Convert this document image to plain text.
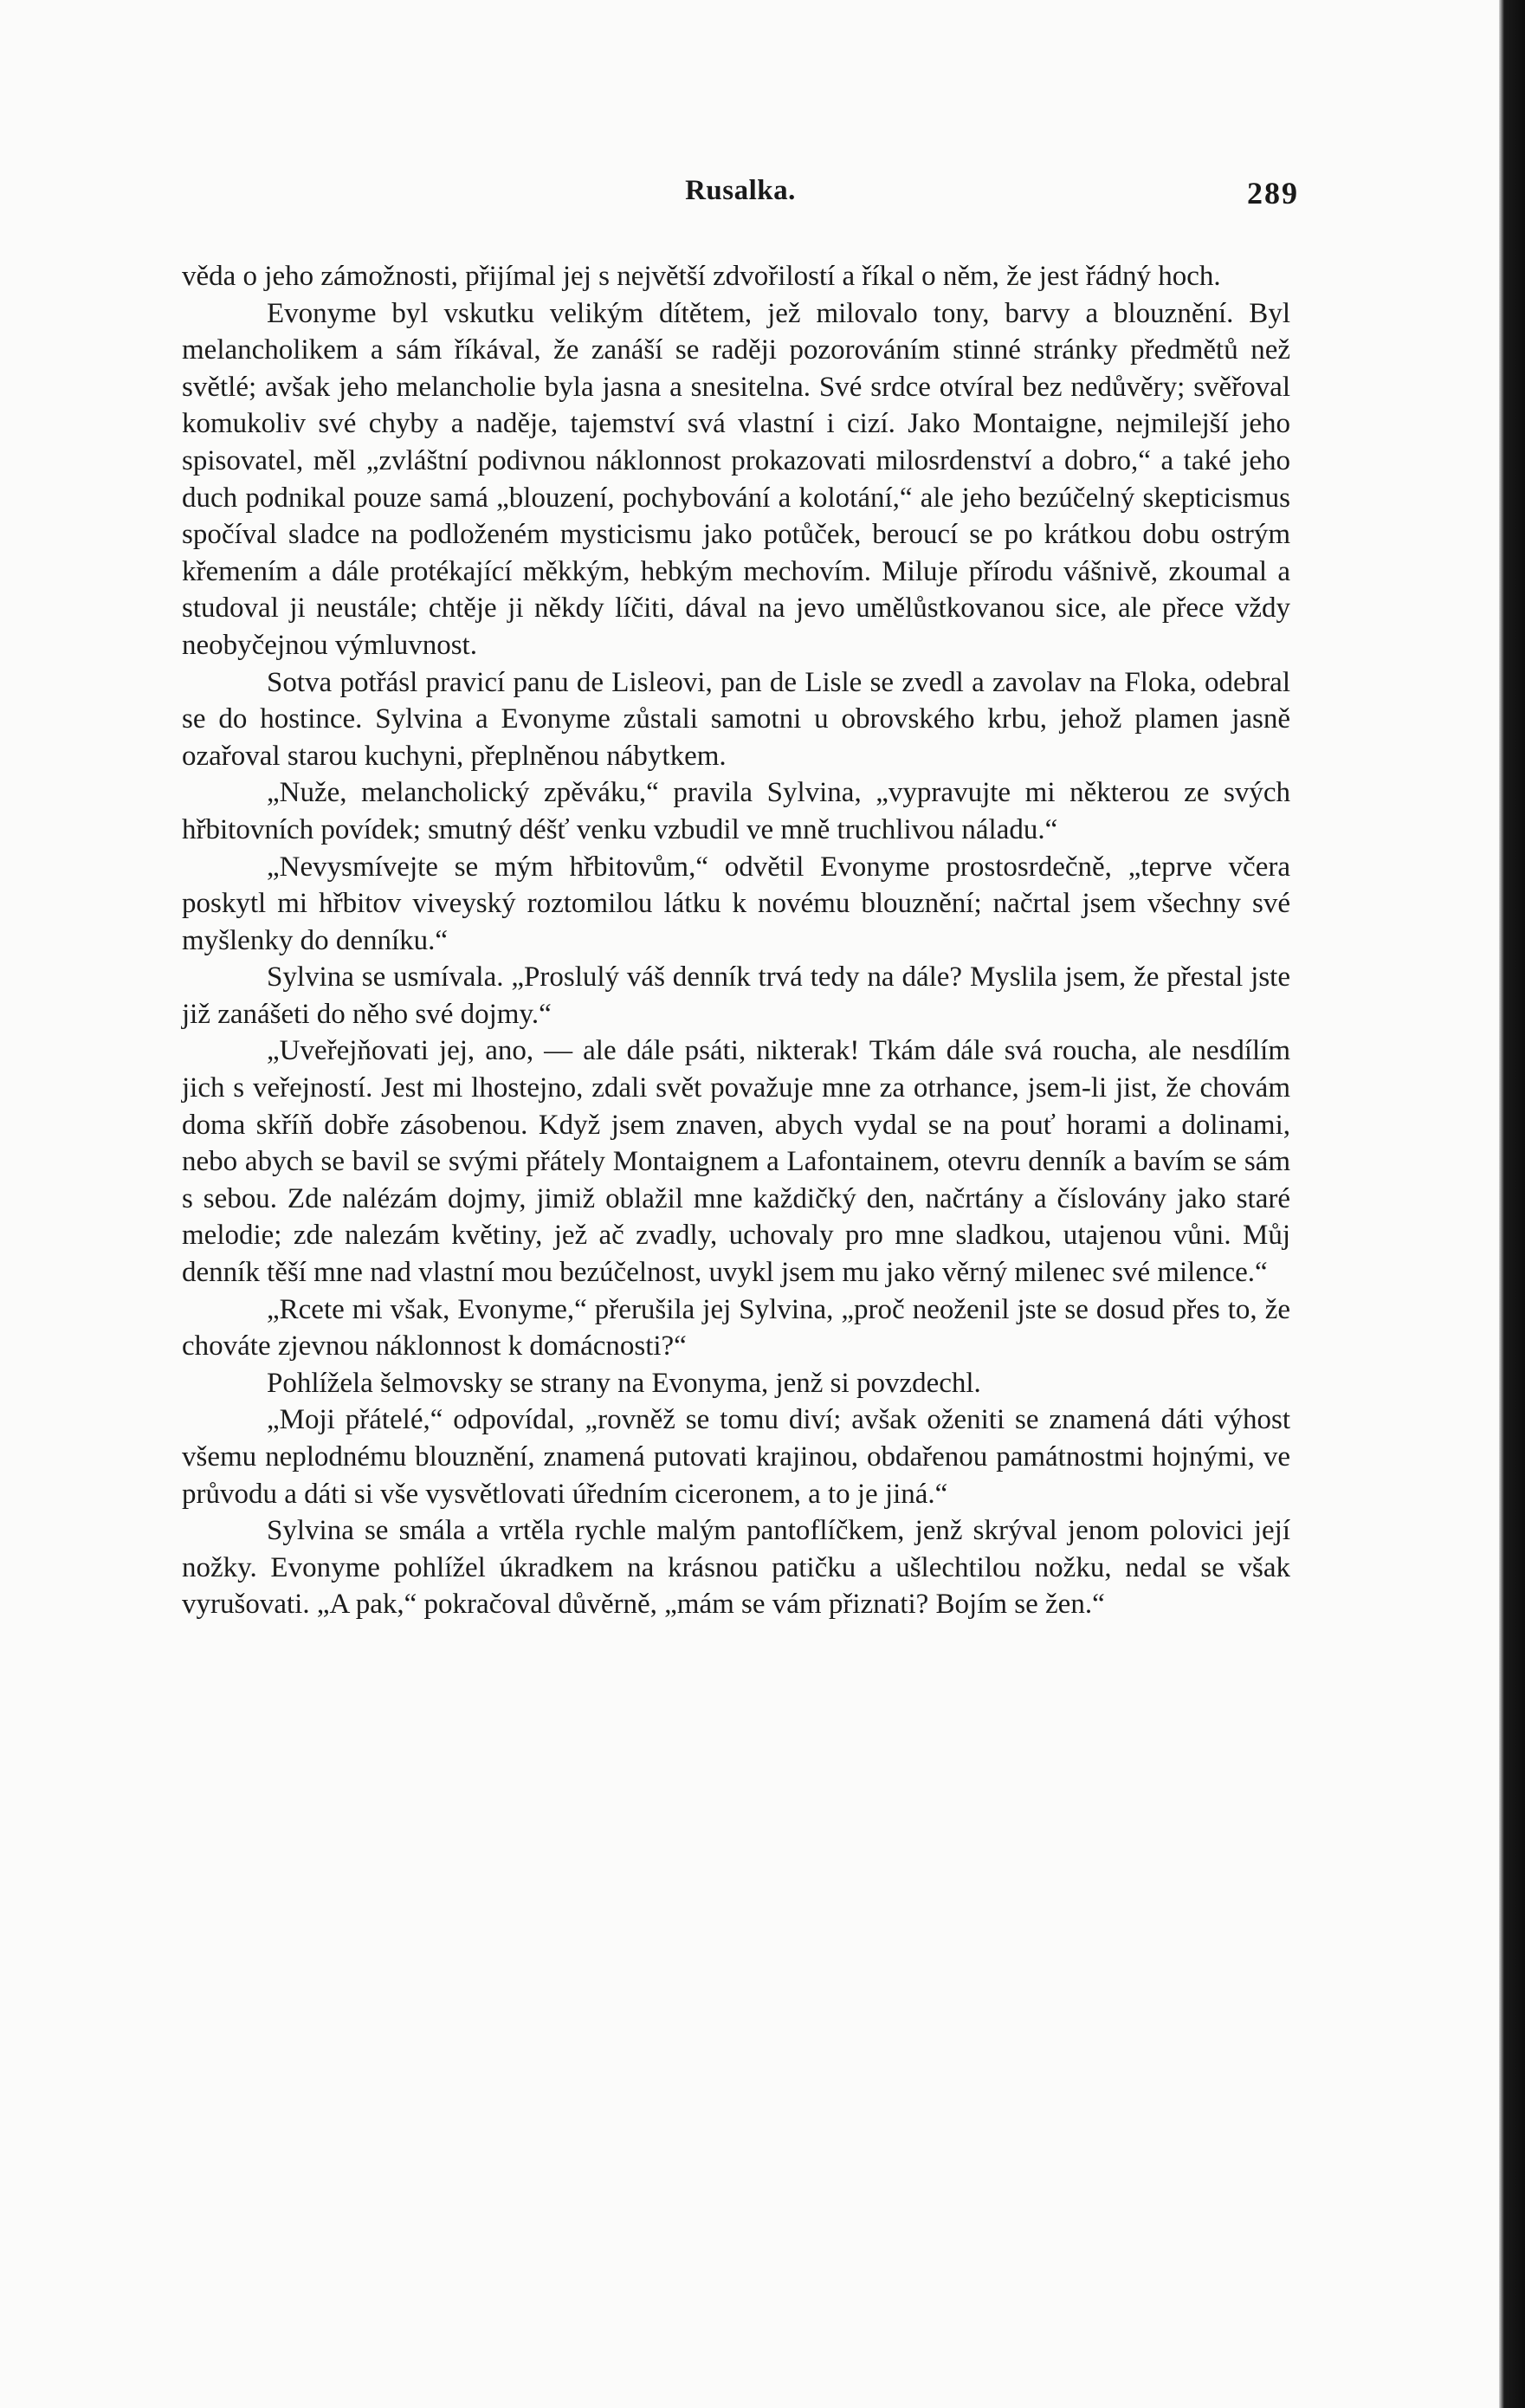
Rusalka.	289

věda o jeho zámožnosti, přijímal jej s největší zdvořilostí a říkal o něm, že jest řádný hoch.

Evonyme byl vskutku velikým dítětem, jež milovalo tony, barvy a blouznění. Byl melancholikem a sám říkával, že zanáší se raději pozorováním stinné stránky předmětů než světlé; avšak jeho melancholie byla jasna a snesitelna. Své srdce otvíral bez nedůvěry; svěřoval komukoliv své chyby a naděje, tajemství svá vlastní i cizí. Jako Montaigne, nejmilejší jeho spisovatel, měl „zvláštní podivnou náklonnost prokazovati milosrdenství a dobro,“ a také jeho duch podnikal pouze samá „blouzení, pochybování a kolotání,“ ale jeho bezúčelný skepticismus spočíval sladce na podloženém mysticismu jako potůček, beroucí se po krátkou dobu ostrým křemením a dále protékající měkkým, hebkým mechovím. Miluje přírodu vášnivě, zkoumal a studoval ji neustále; chtěje ji někdy líčiti, dával na jevo umělůstkovanou sice, ale přece vždy neobyčejnou výmluvnost.

Sotva potřásl pravicí panu de Lisleovi, pan de Lisle se zvedl a zavolav na Floka, odebral se do hostince. Sylvina a Evonyme zůstali samotni u obrovského krbu, jehož plamen jasně ozařoval starou kuchyni, přeplněnou nábytkem.

„Nuže, melancholický zpěváku,“ pravila Sylvina, „vypravujte mi některou ze svých hřbitovních povídek; smutný déšť venku vzbudil ve mně truchlivou náladu.“

„Nevysmívejte se mým hřbitovům,“ odvětil Evonyme prostosrdečně, „teprve včera poskytl mi hřbitov viveyský roztomilou látku k novému blouznění; načrtal jsem všechny své myšlenky do denníku.“

Sylvina se usmívala. „Proslulý váš denník trvá tedy na dále? Myslila jsem, že přestal jste již zanášeti do něho své dojmy.“

„Uveřejňovati jej, ano, — ale dále psáti, nikterak! Tkám dále svá roucha, ale nesdílím jich s veřejností. Jest mi lhostejno, zdali svět považuje mne za otrhance, jsem-li jist, že chovám doma skříň dobře zásobenou. Když jsem znaven, abych vydal se na pouť horami a dolinami, nebo abych se bavil se svými přátely Montaignem a Lafontainem, otevru denník a bavím se sám s sebou. Zde nalézám dojmy, jimiž oblažil mne každičký den, načrtány a číslovány jako staré melodie; zde nalezám květiny, jež ač zvadly, uchovaly pro mne sladkou, utajenou vůni. Můj denník těší mne nad vlastní mou bezúčelnost, uvykl jsem mu jako věrný milenec své milence.“

„Rcete mi však, Evonyme,“ přerušila jej Sylvina, „proč neoženil jste se dosud přes to, že chováte zjevnou náklonnost k domácnosti?“

Pohlížela šelmovsky se strany na Evonyma, jenž si povzdechl.

„Moji přátelé,“ odpovídal, „rovněž se tomu diví; avšak oženiti se znamená dáti výhost všemu neplodnému blouznění, znamená putovati krajinou, obdařenou památnostmi hojnými, ve průvodu a dáti si vše vysvětlovati úředním ciceronem, a to je jiná.“

Sylvina se smála a vrtěla rychle malým pantoflíčkem, jenž skrýval jenom polovici její nožky. Evonyme pohlížel úkradkem na krásnou patičku a ušlechtilou nožku, nedal se však vyrušovati. „A pak,“ pokračoval důvěrně, „mám se vám přiznati? Bojím se žen.“
